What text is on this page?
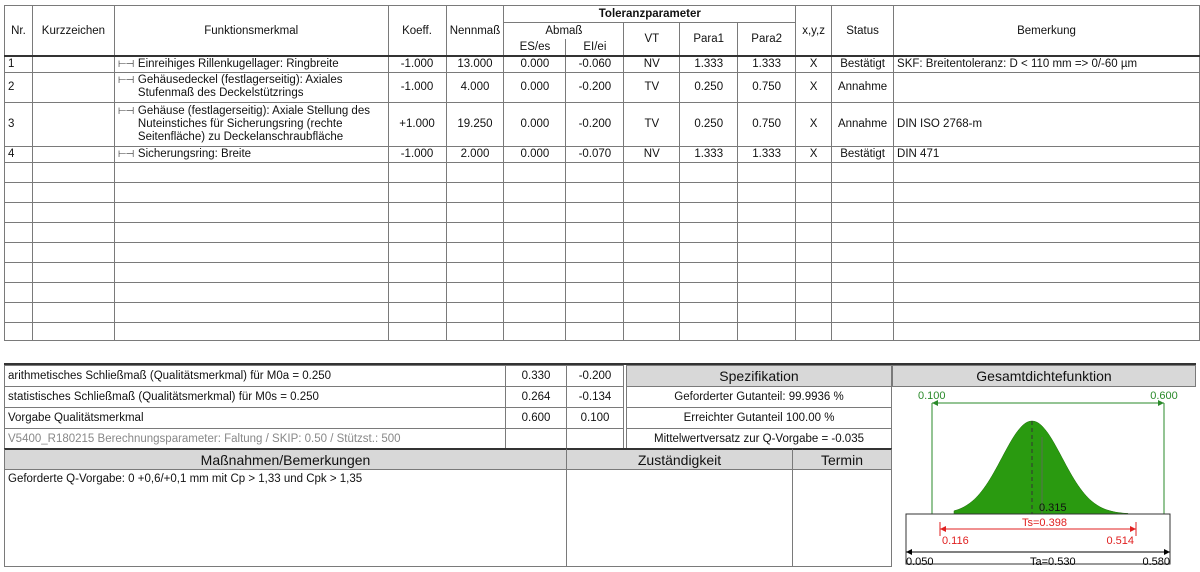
Nr.	Kurzzeichen	Funktionsmerkmal	Koeff.	Nennmaß	Toleranzparameter					x,y,z	Status	Bemerkung
					Abmaß		VT	Para1	Para2			
					ES/es	EI/ei						
1		⊢⊣ Einreihiges Rillenkugellager: Ringbreite	-1.000	13.000	0.000	-0.060	NV	1.333	1.333	X	Bestätigt	SKF: Breitentoleranz: D < 110 mm => 0/-60 µm
2		⊢⊣ Gehäusedeckel (festlagerseitig): Axiales Stufenmaß des Deckelstützrings	-1.000	4.000	0.000	-0.200	TV	0.250	0.750	X	Annahme	
3		⊢⊣ Gehäuse (festlagerseitig): Axiale Stellung des Nuteinstiches für Sicherungsring (rechte Seitenfläche) zu Deckelanschraubfläche	+1.000	19.250	0.000	-0.200	TV	0.250	0.750	X	Annahme	DIN ISO 2768-m
4		⊢⊣ Sicherungsring: Breite	-1.000	2.000	0.000	-0.070	NV	1.333	1.333	X	Bestätigt	DIN 471

arithmetisches Schließmaß (Qualitätsmerkmal) für M0a = 0.250	0.330	-0.200
statistisches Schließmaß (Qualitätsmerkmal) für M0s = 0.250	0.264	-0.134
Vorgabe Qualitätsmerkmal	0.600	0.100
V5400_R180215 Berechnungsparameter: Faltung / SKIP: 0.50 / Stützst.: 500
Spezifikation
Geforderter Gutanteil: 99.9936 %
Erreichter Gutanteil 100.00 %
Mittelwertversatz zur Q-Vorgabe = -0.035
Maßnahmen/Bemerkungen	Zuständigkeit	Termin
Geforderte Q-Vorgabe: 0 +0,6/+0,1 mm mit Cp > 1,33 und Cpk > 1,35
Gesamtdichtefunktion
0.100	0.600
0.315
Ts=0.398
0.116	0.514
0.050	Ta=0.530	0.580
